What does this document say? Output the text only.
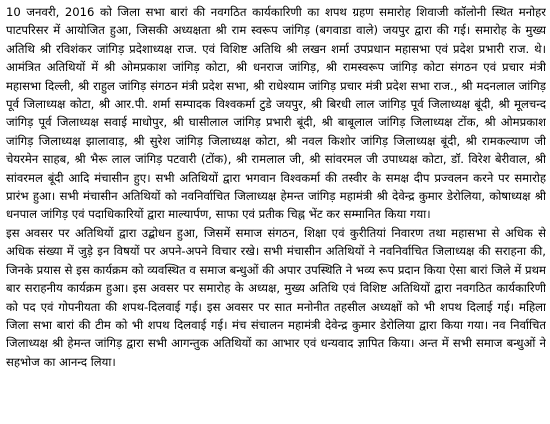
10 जनवरी, 2016 को जिला सभा बारां की नवगठित कार्यकारिणी का शपथ ग्रहण समारोह शिवाजी कॉलोनी स्थित मनोहर पाटपरिसर में आयोजित हुआ, जिसकी अध्यक्षता श्री राम स्वरूप जांगिड़ (बगवाडा वाले) जयपुर द्वारा की गई। समारोह के मुख्य अतिथि श्री रविशंकर जांगिड़ प्रदेशाध्यक्ष राज. एवं विशिष्ट अतिथि श्री लखन शर्मा उपप्रधान महासभा एवं प्रदेश प्रभारी राज. थे। आमंत्रित अतिथियों में श्री ओमप्रकाश जांगिड़ कोटा, श्री धनराज जांगिड़, श्री रामस्वरूप जांगिड़ कोटा संगठन एवं प्रचार मंत्री महासभा दिल्ली, श्री राहुल जांगिड़ संगठन मंत्री प्रदेश सभा, श्री राधेश्याम जांगिड़ प्रचार मंत्री प्रदेश सभा राज., श्री मदनलाल जांगिड़ पूर्व जिलाध्यक्ष कोटा, श्री आर.पी. शर्मा सम्पादक विश्वकर्मा टुडे जयपुर, श्री बिरधी लाल जांगिड़ पूर्व जिलाध्यक्ष बूंदी, श्री मूलचन्द जांगिड़ पूर्व जिलाध्यक्ष सवाई माधोपुर, श्री घासीलाल जांगिड़ प्रभारी बूंदी, श्री बाबूलाल जांगिड़ जिलाध्यक्ष टोंक, श्री ओमप्रकाश जांगिड़ जिलाध्यक्ष झालावाड़, श्री सुरेश जांगिड़ जिलाध्यक्ष कोटा, श्री नवल किशोर जांगिड़ जिलाध्यक्ष बूंदी, श्री रामकल्याण जी चेयरमेन साहब, श्री भैरू लाल जांगिड़ पटवारी (टोंक), श्री रामलाल जी, श्री सांवरमल जी उपाध्यक्ष कोटा, डॉ. विरेश बेरीवाल, श्री सांवरमल बूंदी आदि मंचासीन हुए। सभी अतिथियों द्वारा भगवान विश्वकर्मा की तस्वीर के समक्ष दीप प्रज्वलन करने पर समारोह प्रारंभ हुआ। सभी मंचासीन अतिथियों को नवनिर्वाचित जिलाध्यक्ष हेमन्त जांगिड़ महामंत्री श्री देवेन्द्र कुमार डेरोलिया, कोषाध्यक्ष श्री धनपाल जांगिड़ एवं पदाधिकारियों द्वारा माल्यार्पण, साफा एवं प्रतीक चिह्न भेंट कर सम्मानित किया गया।

इस अवसर पर अतिथियों द्वारा उद्बोधन हुआ, जिसमें समाज संगठन, शिक्षा एवं कुरीतियां निवारण तथा महासभा से अधिक से अधिक संख्या में जुड़े इन विषयों पर अपने-अपने विचार रखे। सभी मंचासीन अतिथियों ने नवनिर्वाचित जिलाध्यक्ष की सराहना की, जिनके प्रयास से इस कार्यक्रम को व्यवस्थित व समाज बन्धुओं की अपार उपस्थिति ने भव्य रूप प्रदान किया ऐसा बारां जिले में प्रथम बार सराहनीय कार्यक्रम हुआ। इस अवसर पर समारोह के अध्यक्ष, मुख्य अतिथि एवं विशिष्ट अतिथियों द्वारा नवगठित कार्यकारिणी को पद एवं गोपनीयता की शपथ-दिलवाई गई। इस अवसर पर सात मनोनीत तहसील अध्यक्षों को भी शपथ दिलाई गई। महिला जिला सभा बारां की टीम को भी शपथ दिलवाई गई। मंच संचालन महामंत्री देवेन्द्र कुमार डेरोलिया द्वारा किया गया। नव निर्वाचित जिलाध्यक्ष श्री हेमन्त जांगिड़ द्वारा सभी आगन्तुक अतिथियों का आभार एवं धन्यवाद ज्ञापित किया। अन्त में सभी समाज बन्धुओं ने सहभोज का आनन्द लिया।
